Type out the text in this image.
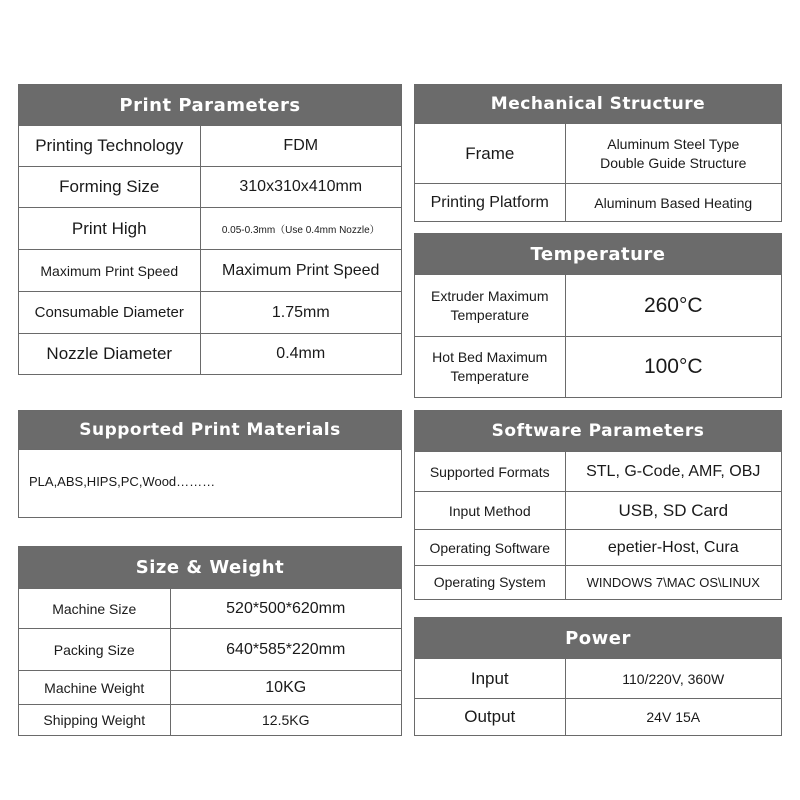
Print Parameters
Printing Technology	FDM
Forming Size	310x310x410mm
Print High	0.05-0.3mm（Use 0.4mm Nozzle）
Maximum Print Speed	Maximum Print Speed
Consumable Diameter	1.75mm
Nozzle Diameter	0.4mm
Mechanical Structure
Frame	Aluminum Steel Type
Double Guide Structure

Printing Platform	Aluminum Based Heating
Temperature
Extruder Maximum
Temperature	260°C

Hot Bed Maximum
Temperature	100°C
Supported Print Materials
PLA,ABS,HIPS,PC,Wood………
Software Parameters
Supported Formats	STL, G-Code, AMF, OBJ
Input Method	USB, SD Card
Operating Software	epetier-Host, Cura
Operating System	WINDOWS 7\MAC OS\LINUX
Size & Weight
Machine Size	520*500*620mm
Packing Size	640*585*220mm
Machine Weight	10KG
Shipping Weight	12.5KG
Power
Input	110/220V, 360W
Output	24V 15A
